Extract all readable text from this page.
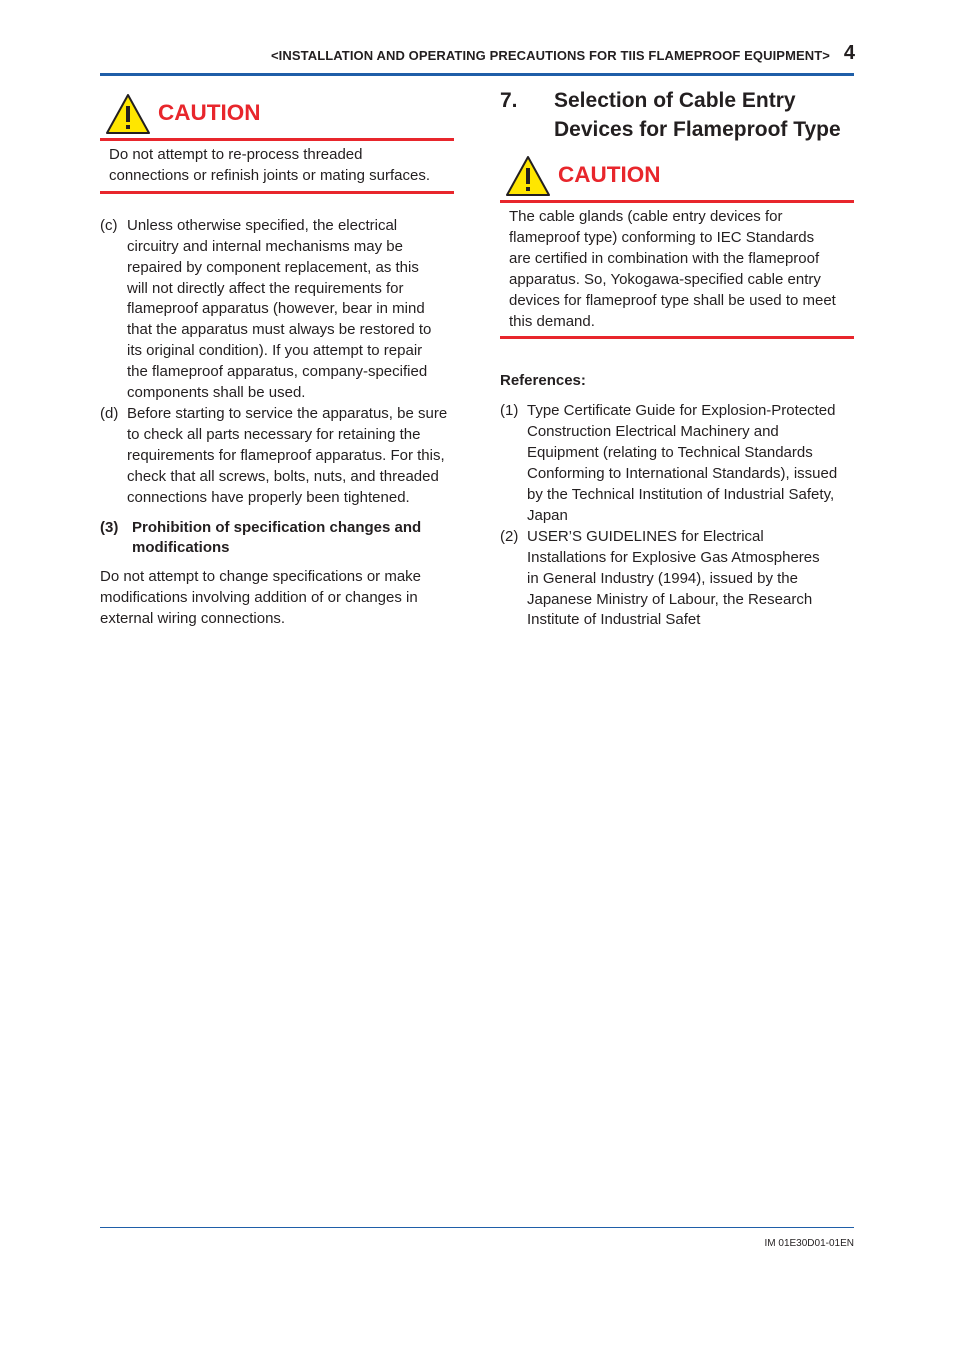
<INSTALLATION AND OPERATING PRECAUTIONS FOR TIIS FLAMEPROOF EQUIPMENT> 4
CAUTION
Do not attempt to re-process threaded
connections or refinish joints or mating surfaces.
(c) Unless otherwise specified, the electrical
circuitry and internal mechanisms may be
repaired by component replacement, as this
will not directly affect the requirements for
flameproof apparatus (however, bear in mind
that the apparatus must always be restored to
its original condition). If you attempt to repair
the flameproof apparatus, company-specified
components shall be used.
(d) Before starting to service the apparatus, be sure
to check all parts necessary for retaining the
requirements for flameproof apparatus. For this,
check that all screws, bolts, nuts, and threaded
connections have properly been tightened.
(3) Prohibition of specification changes and
modifications
Do not attempt to change specifications or make
modifications involving addition of or changes in
external wiring connections.
7.	Selection of Cable Entry
Devices for Flameproof Type
CAUTION
The cable glands (cable entry devices for
flameproof type) conforming to IEC Standards
are certified in combination with the flameproof
apparatus. So, Yokogawa-specified cable entry
devices for flameproof type shall be used to meet
this demand.
References:
(1) Type Certificate Guide for Explosion-Protected
Construction Electrical Machinery and
Equipment (relating to Technical Standards
Conforming to International Standards), issued
by the Technical Institution of Industrial Safety,
Japan
(2) USER’S GUIDELINES for Electrical
Installations for Explosive Gas Atmospheres
in General Industry (1994), issued by the
Japanese Ministry of Labour, the Research
Institute of Industrial Safet
IM 01E30D01-01EN
